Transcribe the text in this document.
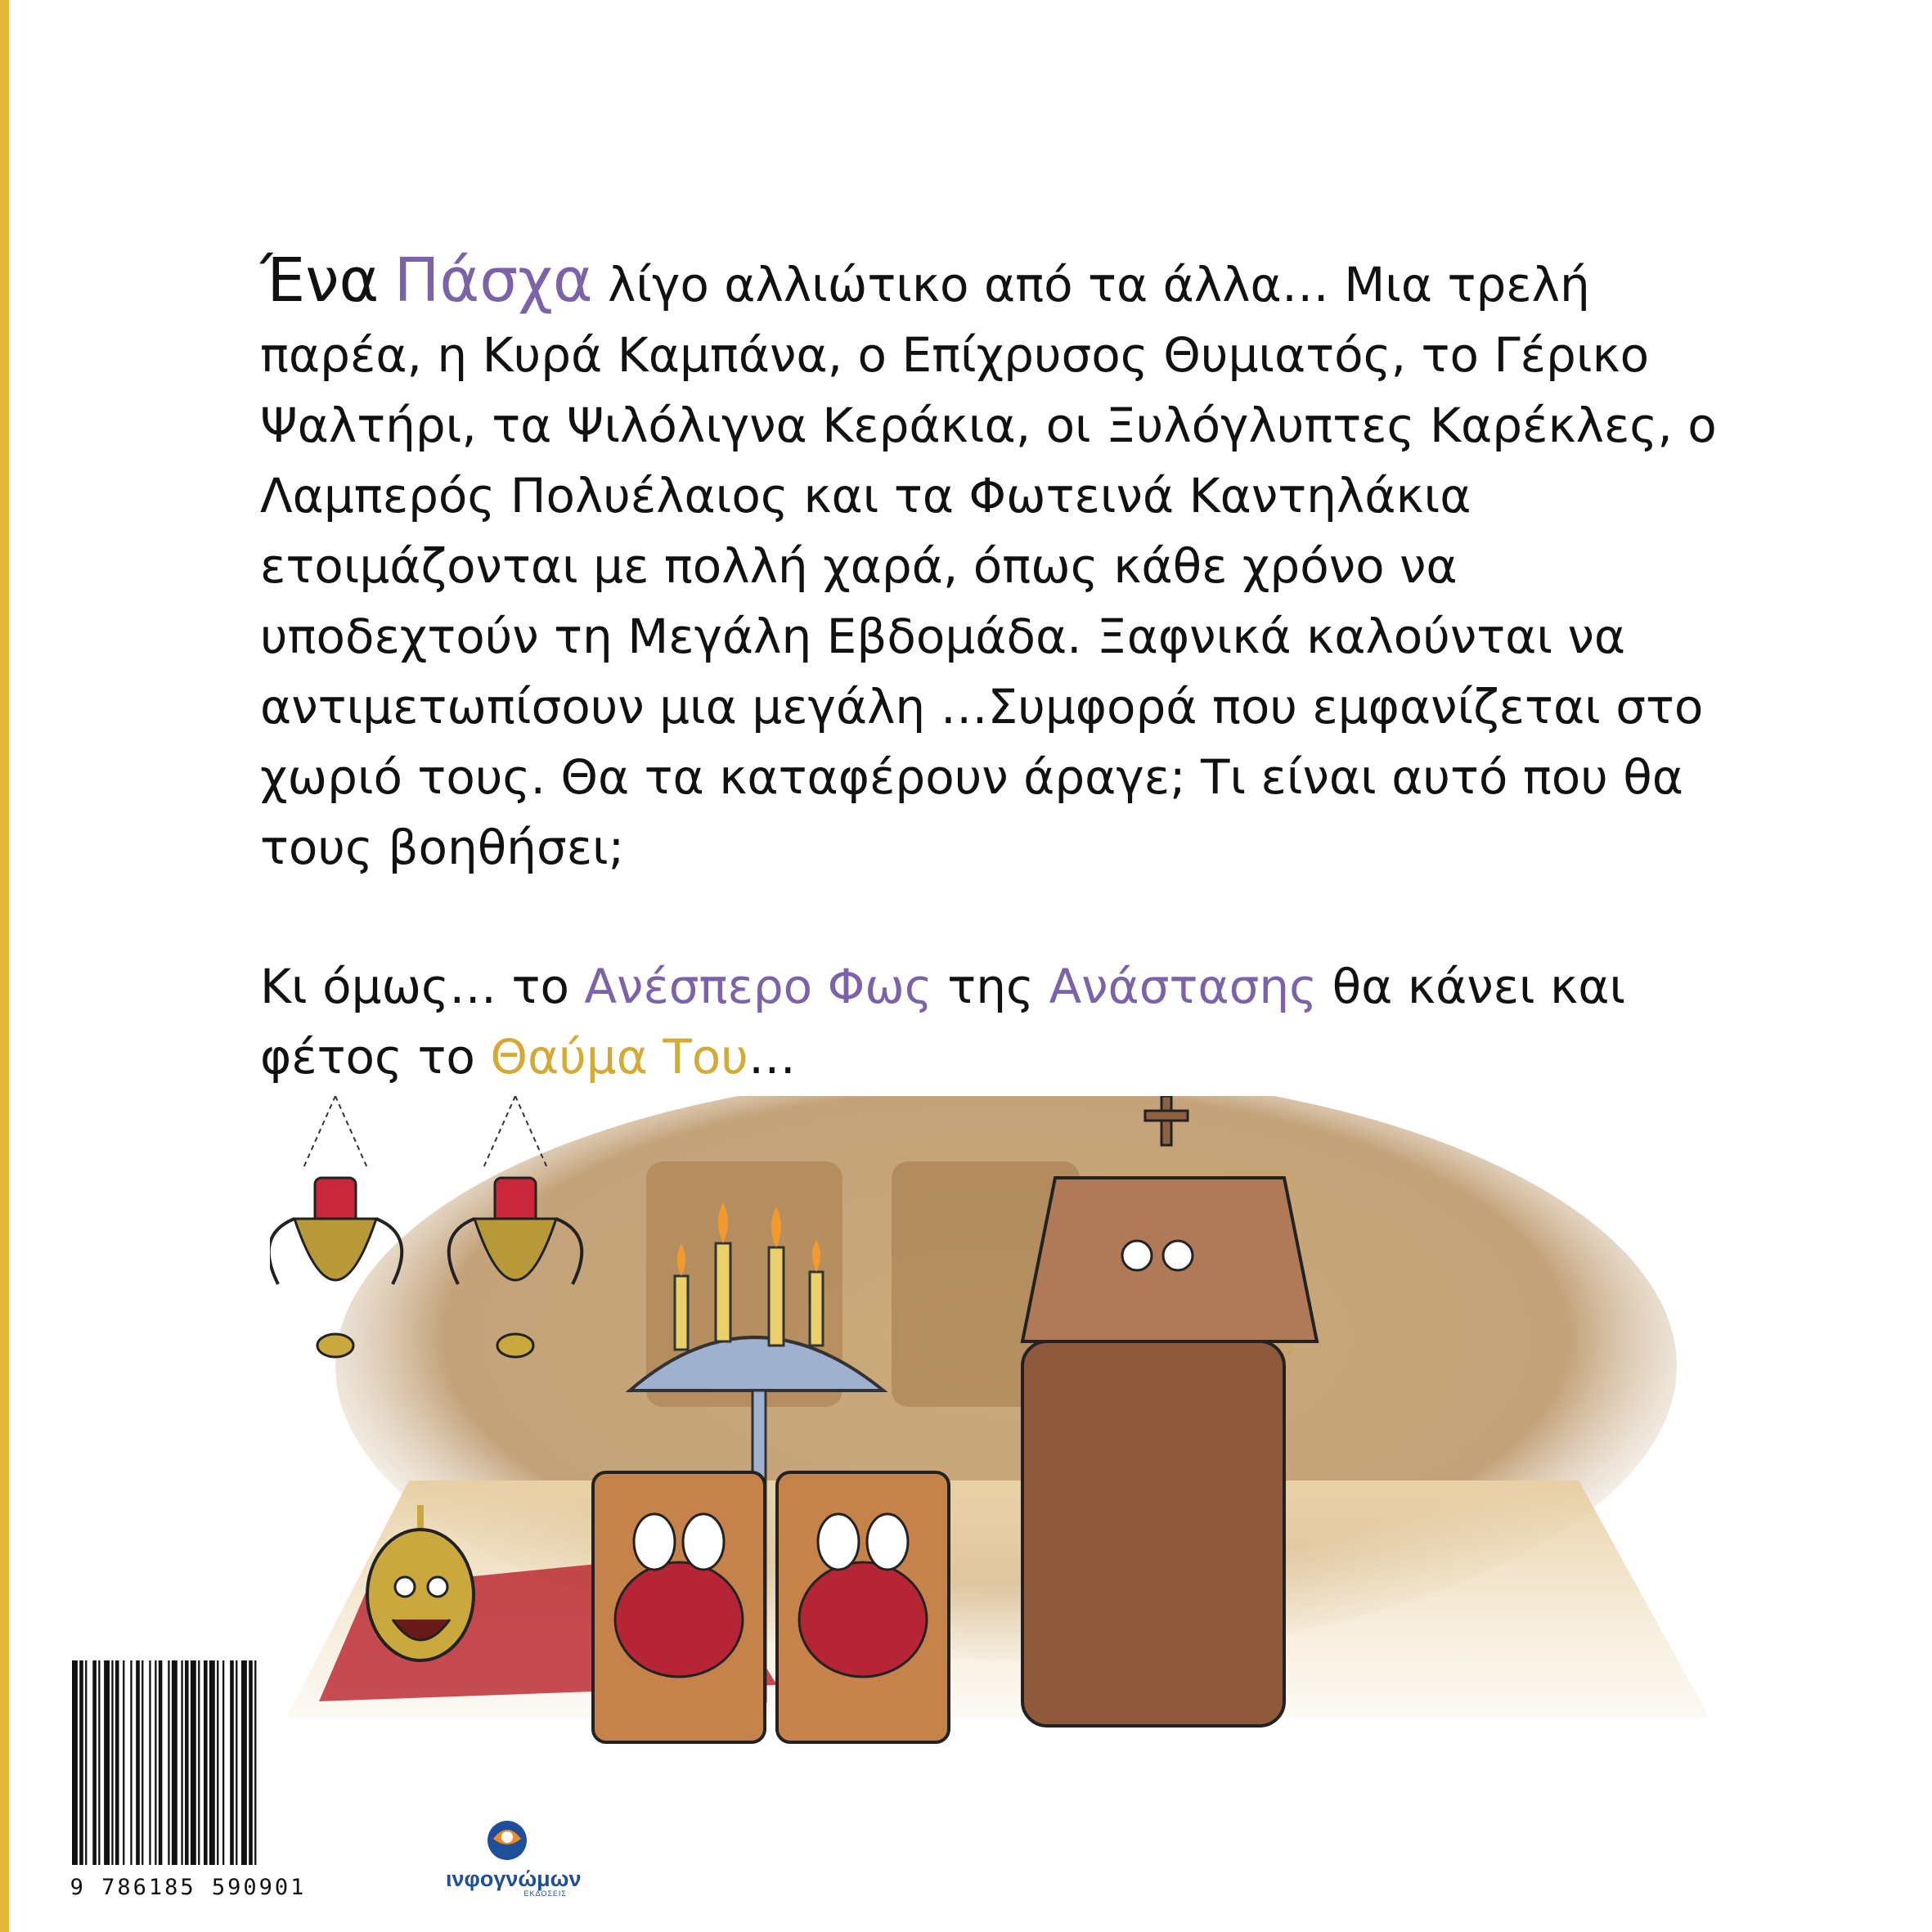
Ένα Πάσχα λίγο αλλιώτικο από τα άλλα… Μια τρελή παρέα, η Κυρά Καμπάνα, ο Επίχρυσος Θυμιατός, το Γέρικο Ψαλτήρι, τα Ψιλόλιγνα Κεράκια, οι Ξυλόγλυπτες Καρέκλες, ο Λαμπερός Πολυέλαιος και τα Φωτεινά Καντηλάκια ετοιμάζονται με πολλή χαρά, όπως κάθε χρόνο να υποδεχτούν τη Μεγάλη Εβδομάδα. Ξαφνικά καλούνται να αντιμετωπίσουν μια μεγάλη …Συμφορά που εμφανίζεται στο χωριό τους. Θα τα καταφέρουν άραγε; Τι είναι αυτό που θα τους βοηθήσει;

Κι όμως… το Ανέσπερο Φως της Ανάστασης θα κάνει και φέτος το Θαύμα Του…

9 786185 590901	ινφογνώμων
ΕΚΔΟΣΕΙΣ
